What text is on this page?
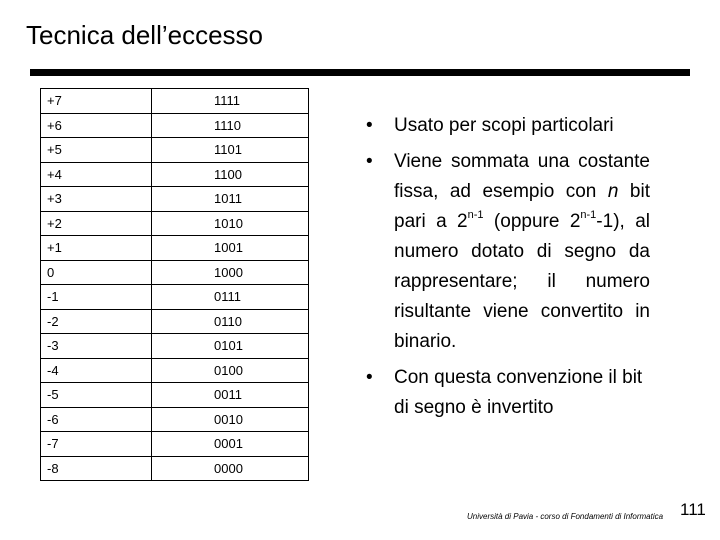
Tecnica dell’eccesso
+7	1111
+6	1110
+5	1101
+4	1100
+3	1011
+2	1010
+1	1001
0	1000
-1	0111
-2	0110
-3	0101
-4	0100
-5	0011
-6	0010
-7	0001
-8	0000
• Usato per scopi particolari
• Viene sommata una costante fissa, ad esempio con n bit pari a 2$^{n-1}$ (oppure 2$^{n-1}$-1), al numero dotato di segno da rappresentare; il numero risultante viene convertito in binario.
• Con questa convenzione il bit di segno è invertito
Università di Pavia - corso di Fondamenti di Informatica 111
